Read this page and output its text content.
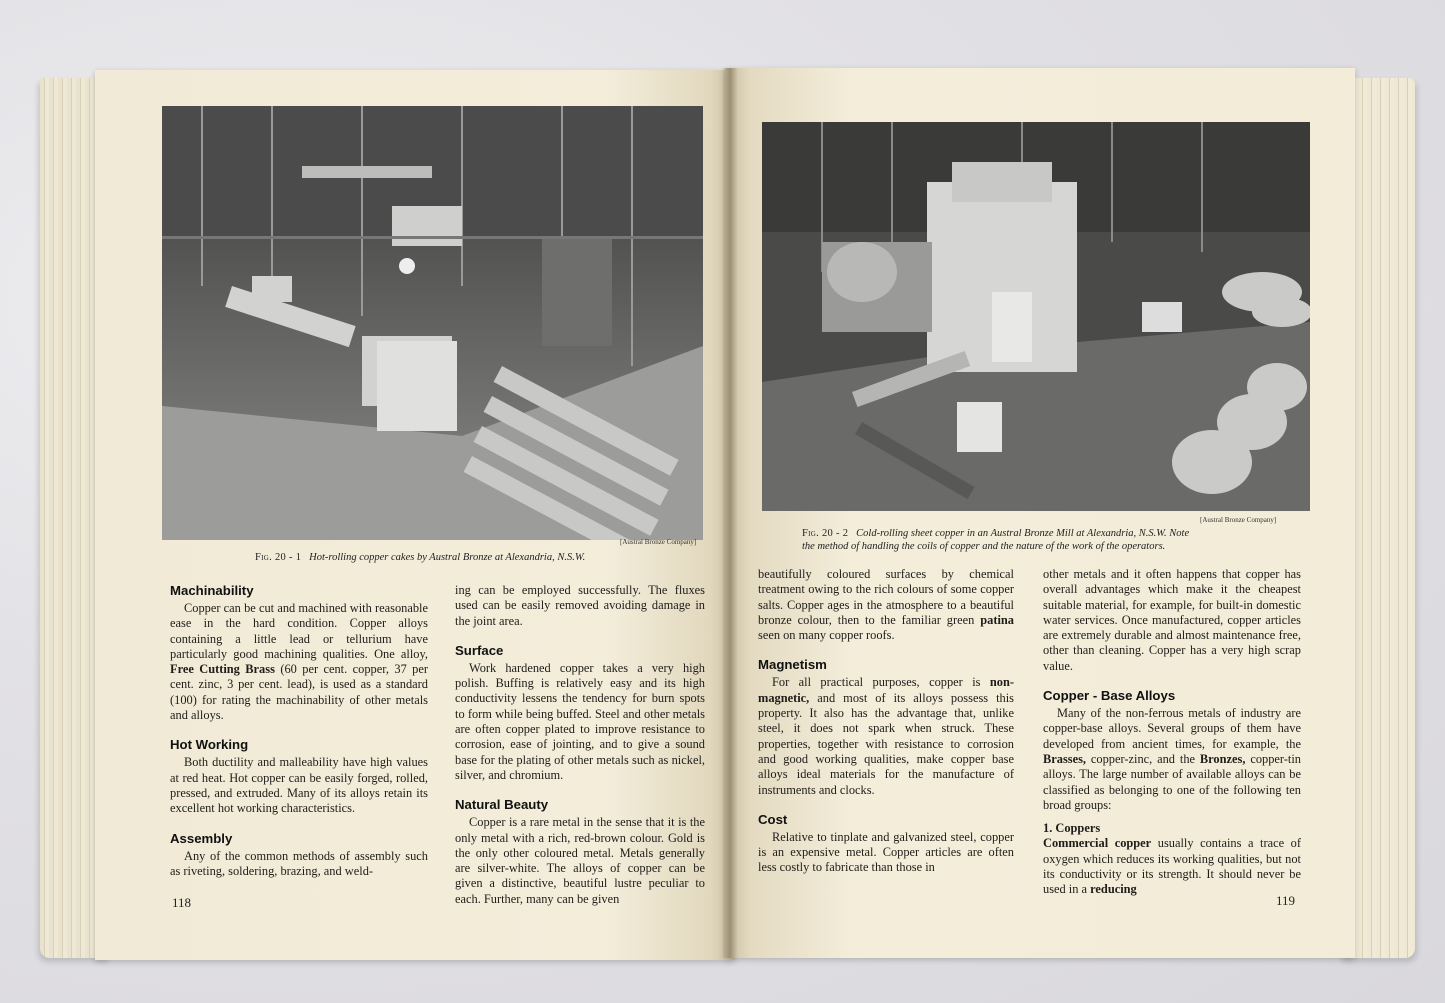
[Austral Bronze Company]
Fig. 20 - 1 Hot-rolling copper cakes by Austral Bronze at Alexandria, N.S.W.
Machinability

Copper can be cut and machined with reasonable ease in the hard condition. Copper alloys containing a little lead or tellurium have particularly good machining qualities. One alloy, Free Cutting Brass (60 per cent. copper, 37 per cent. zinc, 3 per cent. lead), is used as a standard (100) for rating the machinability of other metals and alloys.

Hot Working

Both ductility and malleability have high values at red heat. Hot copper can be easily forged, rolled, pressed, and extruded. Many of its alloys retain its excellent hot working characteristics.

Assembly

Any of the common methods of assembly such as riveting, soldering, brazing, and weld-

ing can be employed successfully. The fluxes used can be easily removed avoiding damage in the joint area.

Surface

Work hardened copper takes a very high polish. Buffing is relatively easy and its high conductivity lessens the tendency for burn spots to form while being buffed. Steel and other metals are often copper plated to improve resistance to corrosion, ease of jointing, and to give a sound base for the plating of other metals such as nickel, silver, and chromium.

Natural Beauty

Copper is a rare metal in the sense that it is the only metal with a rich, red-brown colour. Gold is the only other coloured metal. Metals generally are silver-white. The alloys of copper can be given a distinctive, beautiful lustre peculiar to each. Further, many can be given

118
[Austral Bronze Company]
Fig. 20 - 2 Cold-rolling sheet copper in an Austral Bronze Mill at Alexandria, N.S.W. Note
the method of handling the coils of copper and the nature of the work of the operators.

beautifully coloured surfaces by chemical treatment owing to the rich colours of some copper salts. Copper ages in the atmosphere to a beautiful bronze colour, then to the familiar green patina seen on many copper roofs.

Magnetism

For all practical purposes, copper is non-magnetic, and most of its alloys possess this property. It also has the advantage that, unlike steel, it does not spark when struck. These properties, together with resistance to corrosion and good working qualities, make copper base alloys ideal materials for the manufacture of instruments and clocks.

Cost

Relative to tinplate and galvanized steel, copper is an expensive metal. Copper articles are often less costly to fabricate than those in

other metals and it often happens that copper has overall advantages which make it the cheapest suitable material, for example, for built-in domestic water services. Once manufactured, copper articles are extremely durable and almost maintenance free, other than cleaning. Copper has a very high scrap value.

Copper - Base Alloys

Many of the non-ferrous metals of industry are copper-base alloys. Several groups of them have developed from ancient times, for example, the Brasses, copper-zinc, and the Bronzes, copper-tin alloys. The large number of available alloys can be classified as belonging to one of the following ten broad groups:

1. Coppers

Commercial copper usually contains a trace of oxygen which reduces its working qualities, but not its conductivity or its strength. It should never be used in a reducing

119
